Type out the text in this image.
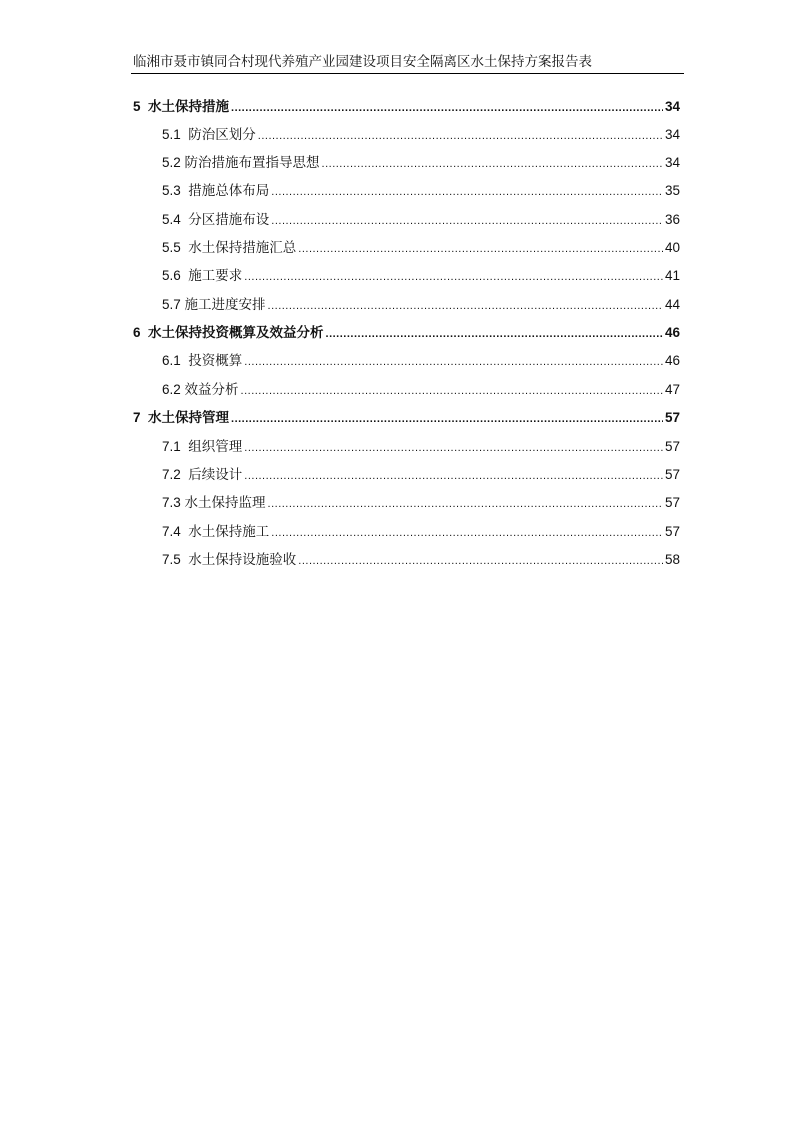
临湘市聂市镇同合村现代养殖产业园建设项目安全隔离区水土保持方案报告表
5 水土保持措施 .....	34
5.1 防治区划分 .....	34
5.2 防治措施布置指导思想 .....	34
5.3 措施总体布局 .....	35
5.4 分区措施布设 .....	36
5.5 水土保持措施汇总 .....	40
5.6 施工要求 .....	41
5.7 施工进度安排 .....	44
6 水土保持投资概算及效益分析 .....	46
6.1 投资概算 .....	46
6.2 效益分析 .....	47
7 水土保持管理 .....	57
7.1 组织管理 .....	57
7.2 后续设计 .....	57
7.3 水土保持监理 .....	57
7.4 水土保持施工 .....	57
7.5 水土保持设施验收 .....	58
